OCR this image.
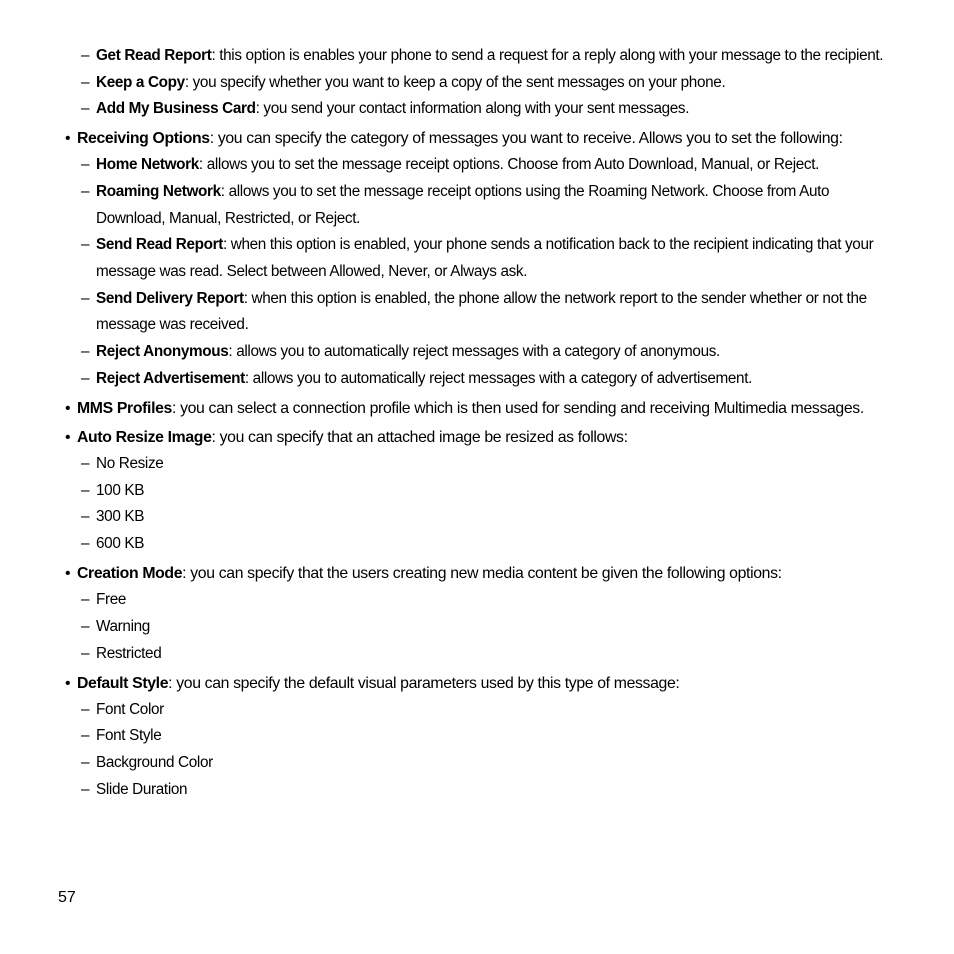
– Get Read Report: this option is enables your phone to send a request for a reply along with your message to the recipient.
– Keep a Copy: you specify whether you want to keep a copy of the sent messages on your phone.
– Add My Business Card: you send your contact information along with your sent messages.
• Receiving Options: you can specify the category of messages you want to receive. Allows you to set the following:
– Home Network: allows you to set the message receipt options. Choose from Auto Download, Manual, or Reject.
– Roaming Network: allows you to set the message receipt options using the Roaming Network. Choose from Auto
Download, Manual, Restricted, or Reject.
– Send Read Report: when this option is enabled, your phone sends a notification back to the recipient indicating that your
message was read. Select between Allowed, Never, or Always ask.
– Send Delivery Report: when this option is enabled, the phone allow the network report to the sender whether or not the
message was received.
– Reject Anonymous: allows you to automatically reject messages with a category of anonymous.
– Reject Advertisement: allows you to automatically reject messages with a category of advertisement.
• MMS Profiles: you can select a connection profile which is then used for sending and receiving Multimedia messages.
• Auto Resize Image: you can specify that an attached image be resized as follows:
– No Resize
– 100 KB
– 300 KB
– 600 KB
• Creation Mode: you can specify that the users creating new media content be given the following options:
– Free
– Warning
– Restricted
• Default Style: you can specify the default visual parameters used by this type of message:
– Font Color
– Font Style
– Background Color
– Slide Duration
57
